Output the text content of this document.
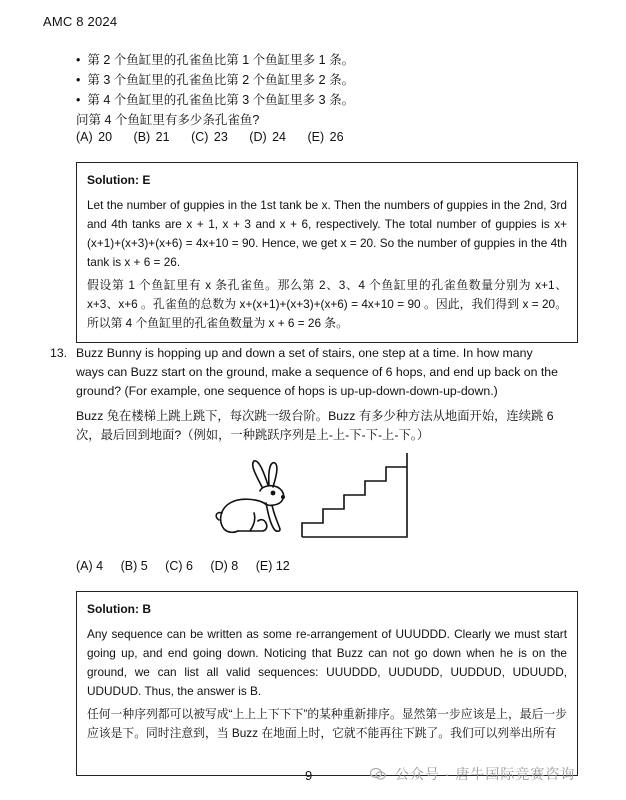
AMC 8 2024
• 第 2 个鱼缸里的孔雀鱼比第 1 个鱼缸里多 1 条。
• 第 3 个鱼缸里的孔雀鱼比第 2 个鱼缸里多 2 条。
• 第 4 个鱼缸里的孔雀鱼比第 3 个鱼缸里多 3 条。
问第 4 个鱼缸里有多少条孔雀鱼?
(A) 20 (B) 21 (C) 23 (D) 24 (E) 26
Solution: E

Let the number of guppies in the 1st tank be x. Then the numbers of guppies in the 2nd, 3rd and 4th tanks are x + 1, x + 3 and x + 6, respectively. The total number of guppies is x+(x+1)+(x+3)+(x+6) = 4x+10 = 90. Hence, we get x = 20. So the number of guppies in the 4th tank is x + 6 = 26.

假设第 1 个鱼缸里有 x 条孔雀鱼。那么第 2、3、4 个鱼缸里的孔雀鱼数量分别为 x+1、x+3、x+6 。孔雀鱼的总数为 x+(x+1)+(x+3)+(x+6) = 4x+10 = 90 。因此，我们得到 x = 20。所以第 4 个鱼缸里的孔雀鱼数量为 x + 6 = 26 条。

13. Buzz Bunny is hopping up and down a set of stairs, one step at a time. In how many ways can Buzz start on the ground, make a sequence of 6 hops, and end up back on the ground? (For example, one sequence of hops is up-up-down-down-up-down.)
Buzz 兔在楼梯上跳上跳下，每次跳一级台阶。Buzz 有多少种方法从地面开始，连续跳 6 次，最后回到地面?（例如，一种跳跃序列是上-上-下-下-上-下。）
(A) 4 (B) 5 (C) 6 (D) 8 (E) 12
Solution: B

Any sequence can be written as some re-arrangement of UUUDDD. Clearly we must start going up, and end going down. Noticing that Buzz can not go down when he is on the ground, we can list all valid sequences: UUUDDD, UUDUDD, UUDDUD, UDUUDD, UDUDUD. Thus, the answer is B.

任何一种序列都可以被写成“上上上下下下”的某种重新排序。显然第一步应该是上，最后一步应该是下。同时注意到，当 Buzz 在地面上时，它就不能再往下跳了。我们可以列举出所有

9	公众号 · 唐牛国际竞赛咨询
